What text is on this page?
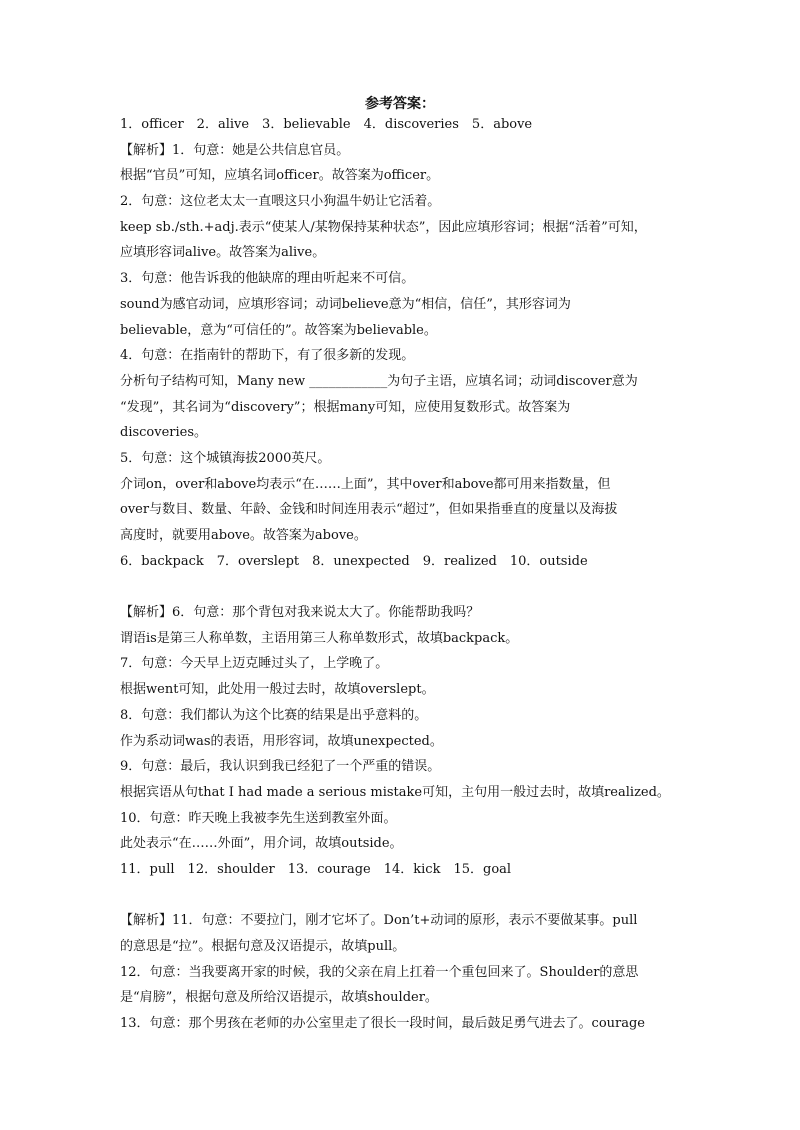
参考答案：
1．officer　2．alive　3．believable　4．discoveries　5．above
【解析】1．句意：她是公共信息官员。
根据“官员”可知，应填名词officer。故答案为officer。
2．句意：这位老太太一直喂这只小狗温牛奶让它活着。
keep sb./sth.+adj.表示“使某人/某物保持某种状态”，因此应填形容词；根据“活着”可知，
应填形容词alive。故答案为alive。
3．句意：他告诉我的他缺席的理由听起来不可信。
sound为感官动词，应填形容词；动词believe意为“相信，信任”，其形容词为
believable，意为“可信任的”。故答案为believable。
4．句意：在指南针的帮助下，有了很多新的发现。
分析句子结构可知，Many new ____________为句子主语，应填名词；动词discover意为
“发现”，其名词为“discovery”；根据many可知，应使用复数形式。故答案为
discoveries。
5．句意：这个城镇海拔2000英尺。
介词on，over和above均表示“在……上面”，其中over和above都可用来指数量，但
over与数目、数量、年龄、金钱和时间连用表示“超过”，但如果指垂直的度量以及海拔
高度时，就要用above。故答案为above。
6．backpack　7．overslept　8．unexpected　9．realized　10．outside
【解析】6．句意：那个背包对我来说太大了。你能帮助我吗？
谓语is是第三人称单数，主语用第三人称单数形式，故填backpack。
7．句意：今天早上迈克睡过头了，上学晚了。
根据went可知，此处用一般过去时，故填overslept。
8．句意：我们都认为这个比赛的结果是出乎意料的。
作为系动词was的表语，用形容词，故填unexpected。
9．句意：最后，我认识到我已经犯了一个严重的错误。
根据宾语从句that I had made a serious mistake可知，主句用一般过去时，故填realized。
10．句意：昨天晚上我被李先生送到教室外面。
此处表示“在……外面”，用介词，故填outside。
11．pull　12．shoulder　13．courage　14．kick　15．goal
【解析】11．句意：不要拉门，刚才它坏了。Don’t+动词的原形，表示不要做某事。pull
的意思是“拉”。根据句意及汉语提示，故填pull。
12．句意：当我要离开家的时候，我的父亲在肩上扛着一个重包回来了。Shoulder的意思
是“肩膀”，根据句意及所给汉语提示，故填shoulder。
13．句意：那个男孩在老师的办公室里走了很长一段时间，最后鼓足勇气进去了。courage
